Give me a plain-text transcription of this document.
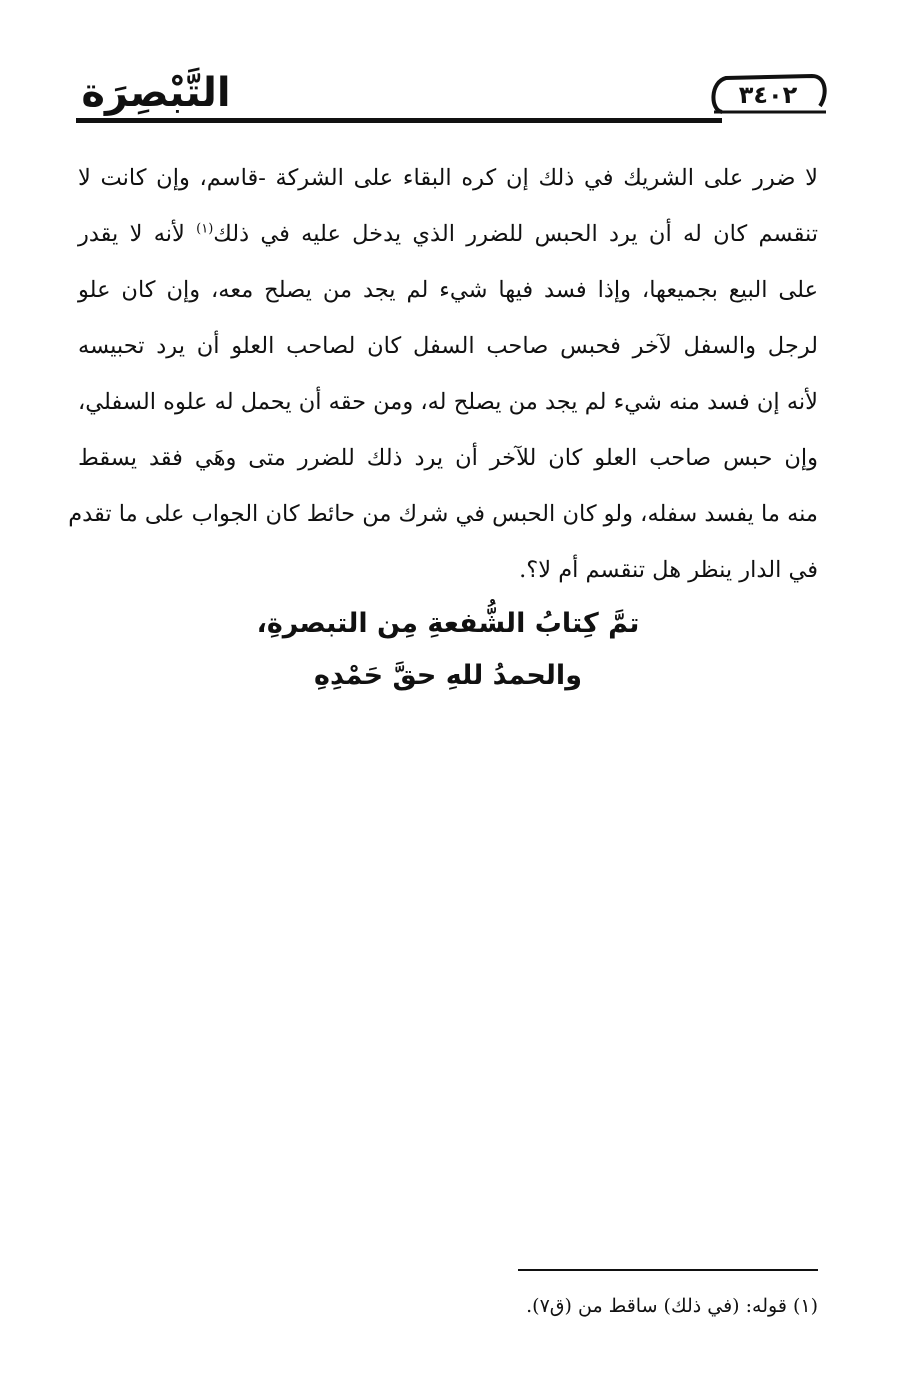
التَّبْصِرَة	٣٤٠٢
لا ضرر على الشريك في ذلك إن كره البقاء على الشركة -قاسم، وإن كانت لا
تنقسم كان له أن يرد الحبس للضرر الذي يدخل عليه في ذلك$^{(١)}$ لأنه لا يقدر
على البيع بجميعها، وإذا فسد فيها شيء لم يجد من يصلح معه، وإن كان علو
لرجل والسفل لآخر فحبس صاحب السفل كان لصاحب العلو أن يرد تحبيسه
لأنه إن فسد منه شيء لم يجد من يصلح له، ومن حقه أن يحمل له علوه السفلي،
وإن حبس صاحب العلو كان للآخر أن يرد ذلك للضرر متى وهَي فقد يسقط
منه ما يفسد سفله، ولو كان الحبس في شرك من حائط كان الجواب على ما تقدم
في الدار ينظر هل تنقسم أم لا؟.
تمَّ كِتابُ الشُّفعةِ مِن التبصرةِ،
والحمدُ للهِ حقَّ حَمْدِهِ
(١) قوله: (في ذلك) ساقط من (ق٧).
